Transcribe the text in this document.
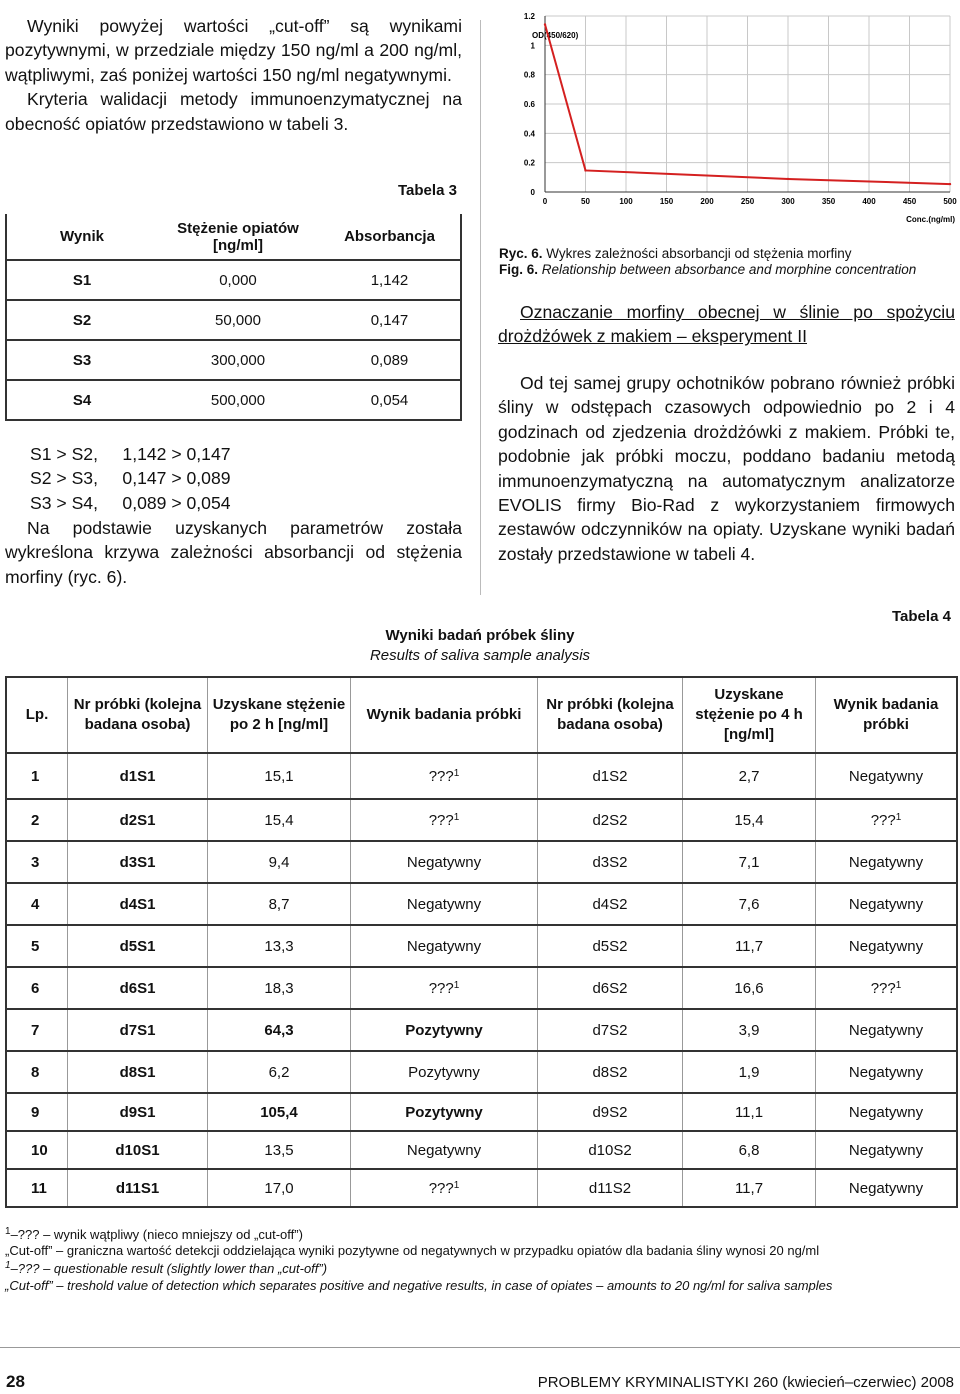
Wyniki powyżej wartości „cut-off” są wynikami pozytywnymi, w przedziale między 150 ng/ml a 200 ng/ml, wątpliwymi, zaś poniżej wartości 150 ng/ml negatywnymi.

Kryteria walidacji metody immunoenzymatycznej na obecność opiatów przedstawiono w tabeli 3.

Tabela 3
Wynik	Stężenie opiatów [ng/ml]	Absorbancja
S1	0,000	1,142
S2	50,000	0,147
S3	300,000	0,089
S4	500,000	0,054
S1 > S2,     1,142 > 0,147
S2 > S3,     0,147 > 0,089
S3 > S4,     0,089 > 0,054

Na podstawie uzyskanych parametrów została wykreślona krzywa zależności absorbancji od stężenia morfiny (ryc. 6).

0
0.2
0.4
0.6
0.8
1
1.2
0	50	100	150	200	250	300	350	400	450	500
OD(450/620)
Conc.(ng/ml)
Ryc. 6. Wykres zależności absorbancji od stężenia morfiny
Fig. 6. Relationship between absorbance and morphine concentration
Oznaczanie morfiny obecnej w ślinie po spożyciu drożdżówek z makiem – eksperyment II

Od tej samej grupy ochotników pobrano również próbki śliny w odstępach czasowych odpowiednio po 2 i 4 godzinach od zjedzenia drożdżówki z makiem. Próbki te, podobnie jak próbki moczu, poddano badaniu metodą immunoenzymatyczną na automatycznym analizatorze EVOLIS firmy Bio-Rad z wykorzystaniem firmowych zestawów odczynników na opiaty. Uzyskane wyniki badań zostały przedstawione w tabeli 4.

Tabela 4
Wyniki badań próbek śliny
Results of saliva sample analysis
Lp.	Nr próbki (kolejna badana osoba)	Uzyskane stężenie po 2 h [ng/ml]	Wynik badania próbki	Nr próbki (kolejna badana osoba)	Uzyskane stężenie po 4 h [ng/ml]	Wynik badania próbki
1	d1S1	15,1	???$^1$	d1S2	2,7	Negatywny
2	d2S1	15,4	???$^1$	d2S2	15,4	???$^1$
3	d3S1	9,4	Negatywny	d3S2	7,1	Negatywny
4	d4S1	8,7	Negatywny	d4S2	7,6	Negatywny
5	d5S1	13,3	Negatywny	d5S2	11,7	Negatywny
6	d6S1	18,3	???$^1$	d6S2	16,6	???$^1$
7	d7S1	64,3	Pozytywny	d7S2	3,9	Negatywny
8	d8S1	6,2	Pozytywny	d8S2	1,9	Negatywny
9	d9S1	105,4	Pozytywny	d9S2	11,1	Negatywny
10	d10S1	13,5	Negatywny	d10S2	6,8	Negatywny
11	d11S1	17,0	???$^1$	d11S2	11,7	Negatywny
$^1$–??? – wynik wątpliwy (nieco mniejszy od „cut-off”)
„Cut-off” – graniczna wartość detekcji oddzielająca wyniki pozytywne od negatywnych w przypadku opiatów dla badania śliny wynosi 20 ng/ml
$^1$–??? – questionable result (slightly lower than „cut-off”)
„Cut-off” – treshold value of detection which separates positive and negative results, in case of opiates – amounts to 20 ng/ml for saliva samples
28	PROBLEMY KRYMINALISTYKI 260 (kwiecień–czerwiec) 2008
